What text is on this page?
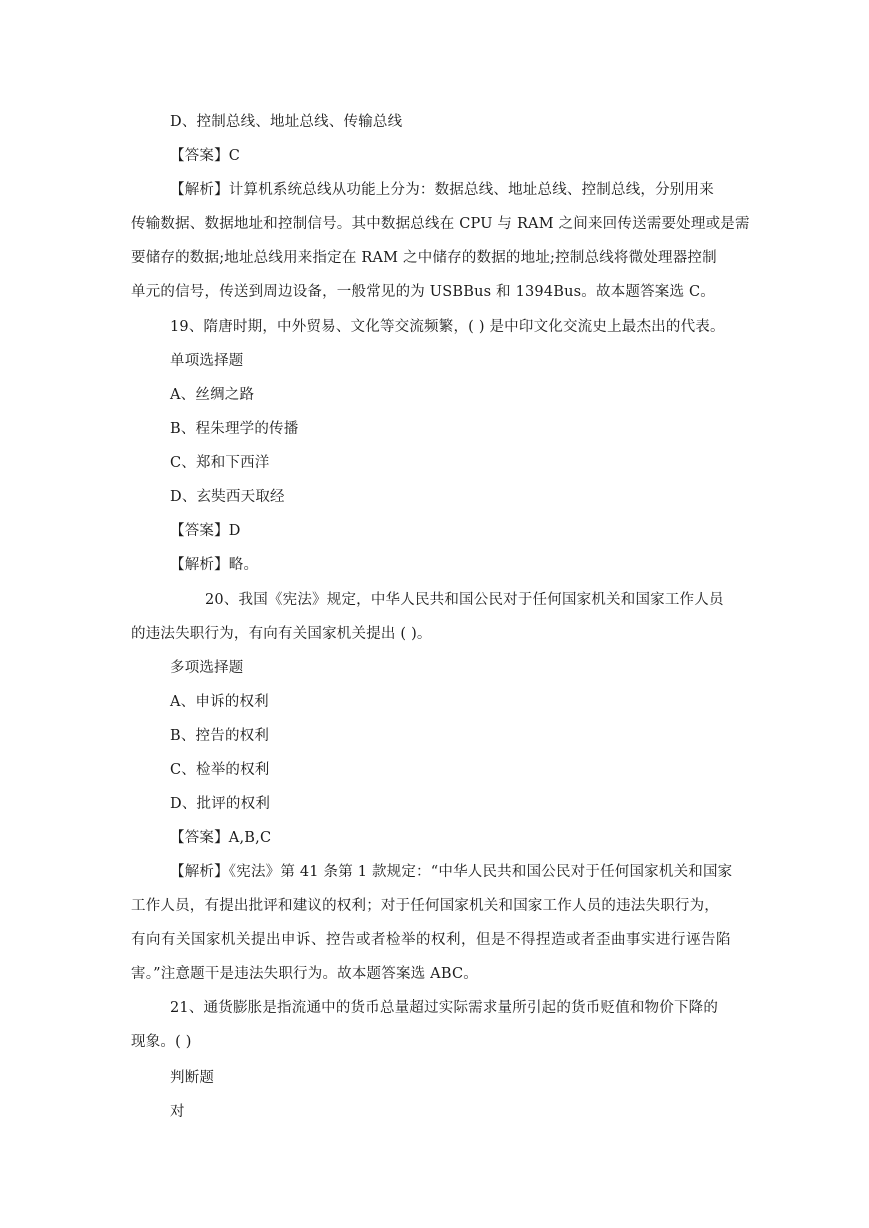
D、控制总线、地址总线、传输总线
【答案】C
【解析】计算机系统总线从功能上分为：数据总线、地址总线、控制总线，分别用来
传输数据、数据地址和控制信号。其中数据总线在 CPU 与 RAM 之间来回传送需要处理或是需
要储存的数据;地址总线用来指定在 RAM 之中储存的数据的地址;控制总线将微处理器控制
单元的信号，传送到周边设备，一般常见的为 USBBus 和 1394Bus。故本题答案选 C。
19、隋唐时期，中外贸易、文化等交流频繁，( ) 是中印文化交流史上最杰出的代表。
单项选择题
A、丝绸之路
B、程朱理学的传播
C、郑和下西洋
D、玄奘西天取经
【答案】D
【解析】略。
20、我国《宪法》规定，中华人民共和国公民对于任何国家机关和国家工作人员
的违法失职行为，有向有关国家机关提出 ( )。
多项选择题
A、申诉的权利
B、控告的权利
C、检举的权利
D、批评的权利
【答案】A,B,C
【解析】《宪法》第 41 条第 1 款规定：“中华人民共和国公民对于任何国家机关和国家
工作人员，有提出批评和建议的权利；对于任何国家机关和国家工作人员的违法失职行为，
有向有关国家机关提出申诉、控告或者检举的权利，但是不得捏造或者歪曲事实进行诬告陷
害。”注意题干是违法失职行为。故本题答案选 ABC。
21、通货膨胀是指流通中的货币总量超过实际需求量所引起的货币贬值和物价下降的
现象。( )
判断题
对
